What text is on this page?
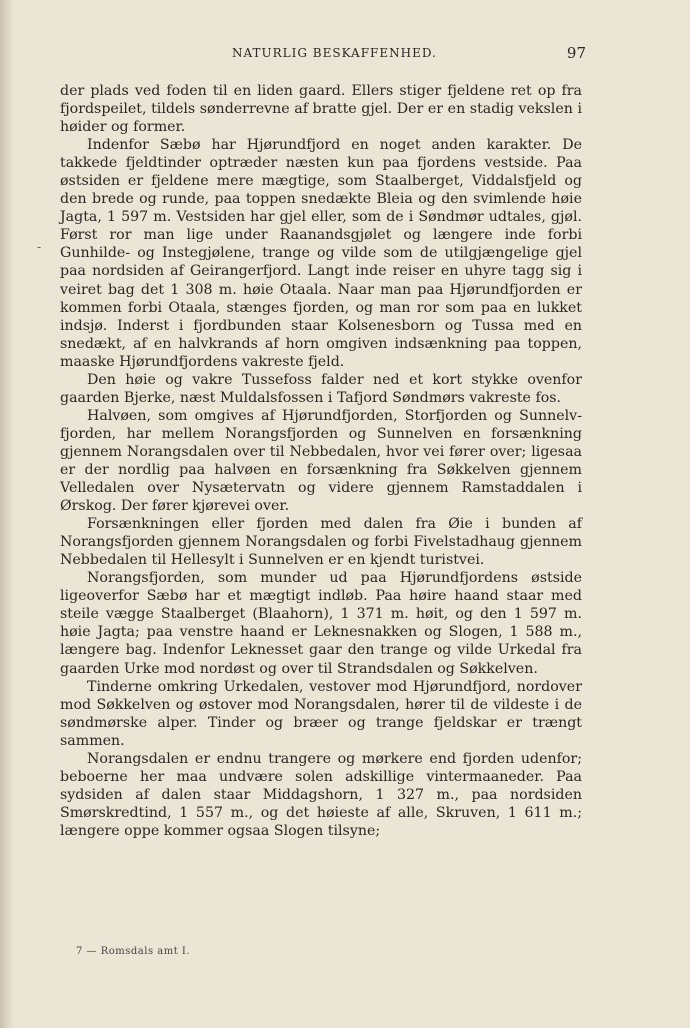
NATURLIG BESKAFFENHED.	97
-

der plads ved foden til en liden gaard. Ellers stiger fjeldene ret op fra fjordspeilet, tildels sønderrevne af bratte gjel. Der er en stadig vekslen i høider og former.

Indenfor Sæbø har Hjørundfjord en noget anden karakter. De takkede fjeldtinder optræder næsten kun paa fjordens vestside. Paa østsiden er fjeldene mere mægtige, som Staalberget, Viddalsfjeld og den brede og runde, paa toppen snedækte Bleia og den svimlende høie Jagta, 1 597 m. Vestsiden har gjel eller, som de i Søndmør udtales, gjøl. Først ror man lige under Raanandsgjølet og længere inde forbi Gunhilde- og Instegjølene, trange og vilde som de utilgjængelige gjel paa nordsiden af Geirangerfjord. Langt inde reiser en uhyre tagg sig i veiret bag det 1 308 m. høie Otaala. Naar man paa Hjørundfjorden er kommen forbi Otaala, stænges fjorden, og man ror som paa en lukket indsjø. Inderst i fjordbunden staar Kolsenesborn og Tussa med en snedækt, af en halvkrands af horn omgiven indsænkning paa toppen, maaske Hjørundfjordens vakreste fjeld.

Den høie og vakre Tussefoss falder ned et kort stykke ovenfor gaarden Bjerke, næst Muldalsfossen i Tafjord Søndmørs vakreste fos.

Halvøen, som omgives af Hjørundfjorden, Storfjorden og Sunnelvfjorden, har mellem Norangsfjorden og Sunnelven en forsænkning gjennem Norangsdalen over til Nebbedalen, hvor vei fører over; ligesaa er der nordlig paa halvøen en forsænkning fra Søkkelven gjennem Velledalen over Nysætervatn og videre gjennem Ramstaddalen i Ørskog. Der fører kjørevei over.

Forsænkningen eller fjorden med dalen fra Øie i bunden af Norangsfjorden gjennem Norangsdalen og forbi Fivelstadhaug gjennem Nebbedalen til Hellesylt i Sunnelven er en kjendt turistvei.

Norangsfjorden, som munder ud paa Hjørundfjordens østside ligeoverfor Sæbø har et mægtigt indløb. Paa høire haand staar med steile vægge Staalberget (Blaahorn), 1 371 m. høit, og den 1 597 m. høie Jagta; paa venstre haand er Leknesnakken og Slogen, 1 588 m., længere bag. Indenfor Leknesset gaar den trange og vilde Urkedal fra gaarden Urke mod nordøst og over til Strandsdalen og Søkkelven.

Tinderne omkring Urkedalen, vestover mod Hjørundfjord, nordover mod Søkkelven og østover mod Norangsdalen, hører til de vildeste i de søndmørske alper. Tinder og bræer og trange fjeldskar er trængt sammen.

Norangsdalen er endnu trangere og mørkere end fjorden udenfor; beboerne her maa undvære solen adskillige vintermaaneder. Paa sydsiden af dalen staar Middagshorn, 1 327 m., paa nordsiden Smørskredtind, 1 557 m., og det høieste af alle, Skruven, 1 611 m.; længere oppe kommer ogsaa Slogen tilsyne;

7 — Romsdals amt I.
